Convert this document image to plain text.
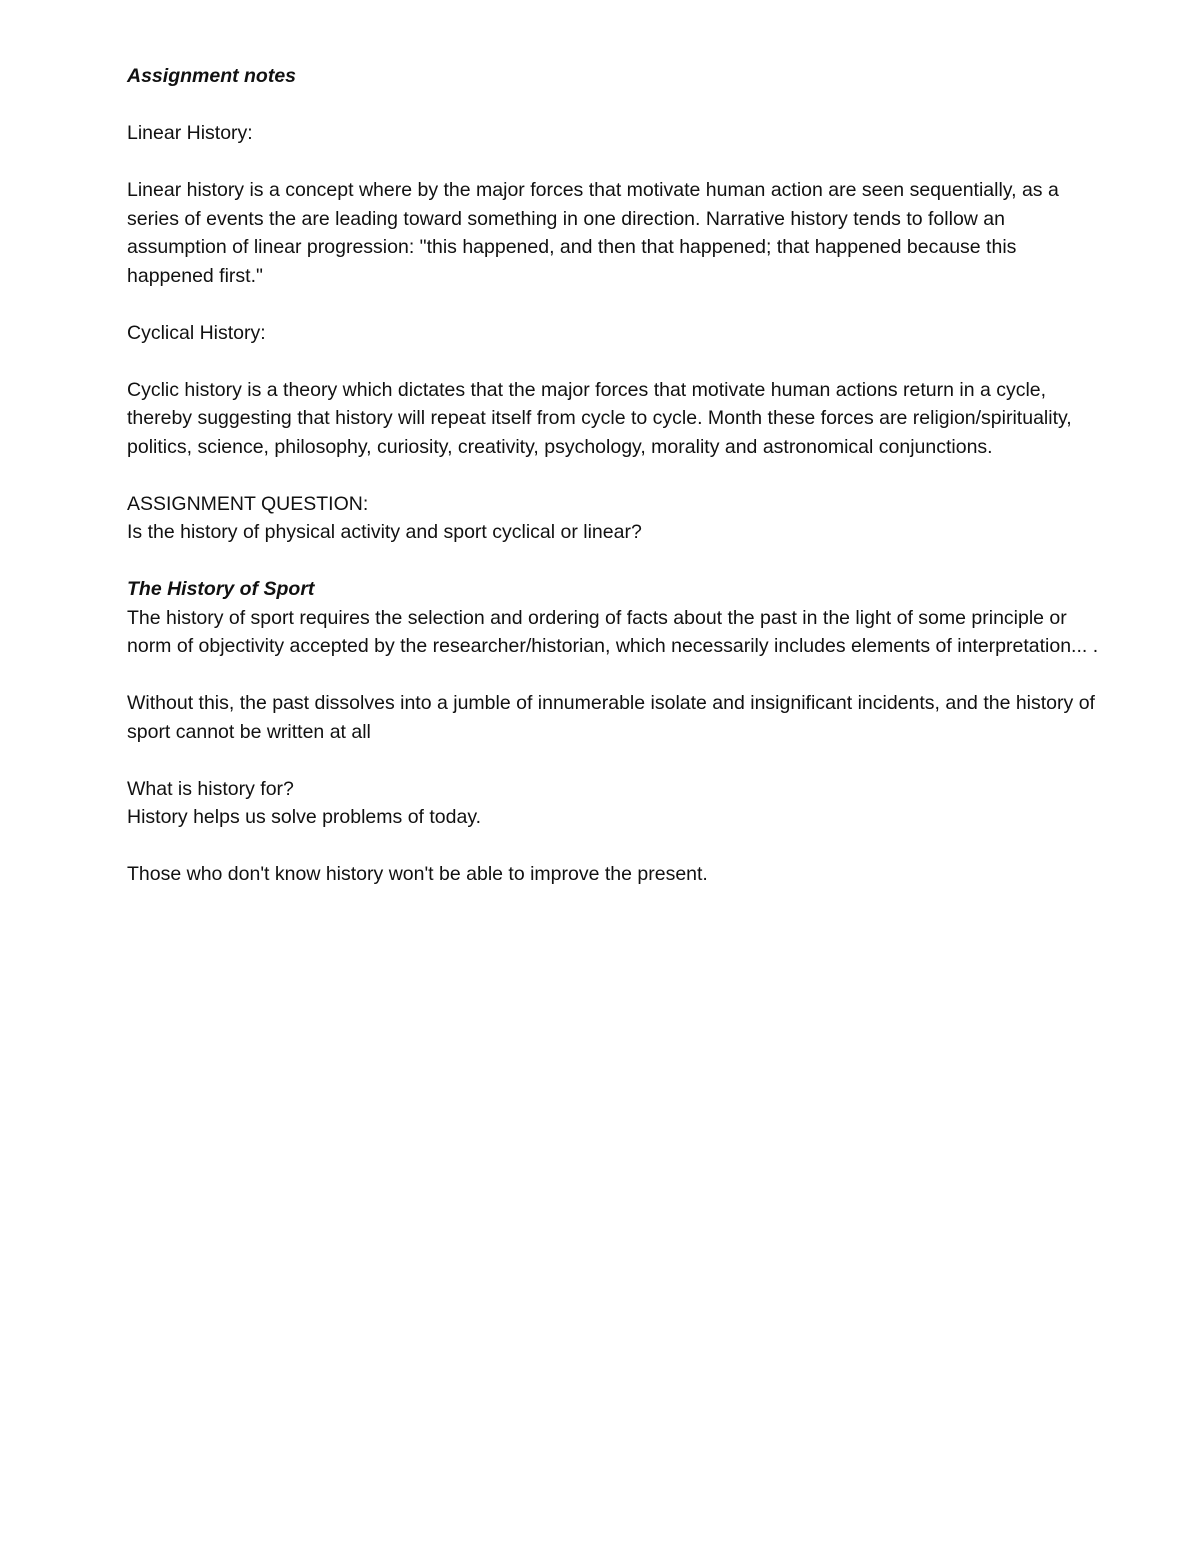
Assignment notes

Linear History:

Linear history is a concept where by the major forces that motivate human action are seen sequentially, as a series of events the are leading toward something in one direction. Narrative history tends to follow an assumption of linear progression: "this happened, and then that happened; that happened because this happened first."

Cyclical History:

Cyclic history is a theory which dictates that the major forces that motivate human actions return in a cycle, thereby suggesting that history will repeat itself from cycle to cycle. Month these forces are religion/spirituality, politics, science, philosophy, curiosity, creativity, psychology, morality and astronomical conjunctions.

ASSIGNMENT QUESTION:

Is the history of physical activity and sport cyclical or linear?

The History of Sport

The history of sport requires the selection and ordering of facts about the past in the light of some principle or norm of objectivity accepted by the researcher/historian, which necessarily includes elements of interpretation... .

Without this, the past dissolves into a jumble of innumerable isolate and insignificant incidents, and the history of sport cannot be written at all

What is history for?

History helps us solve problems of today.

Those who don't know history won't be able to improve the present.
